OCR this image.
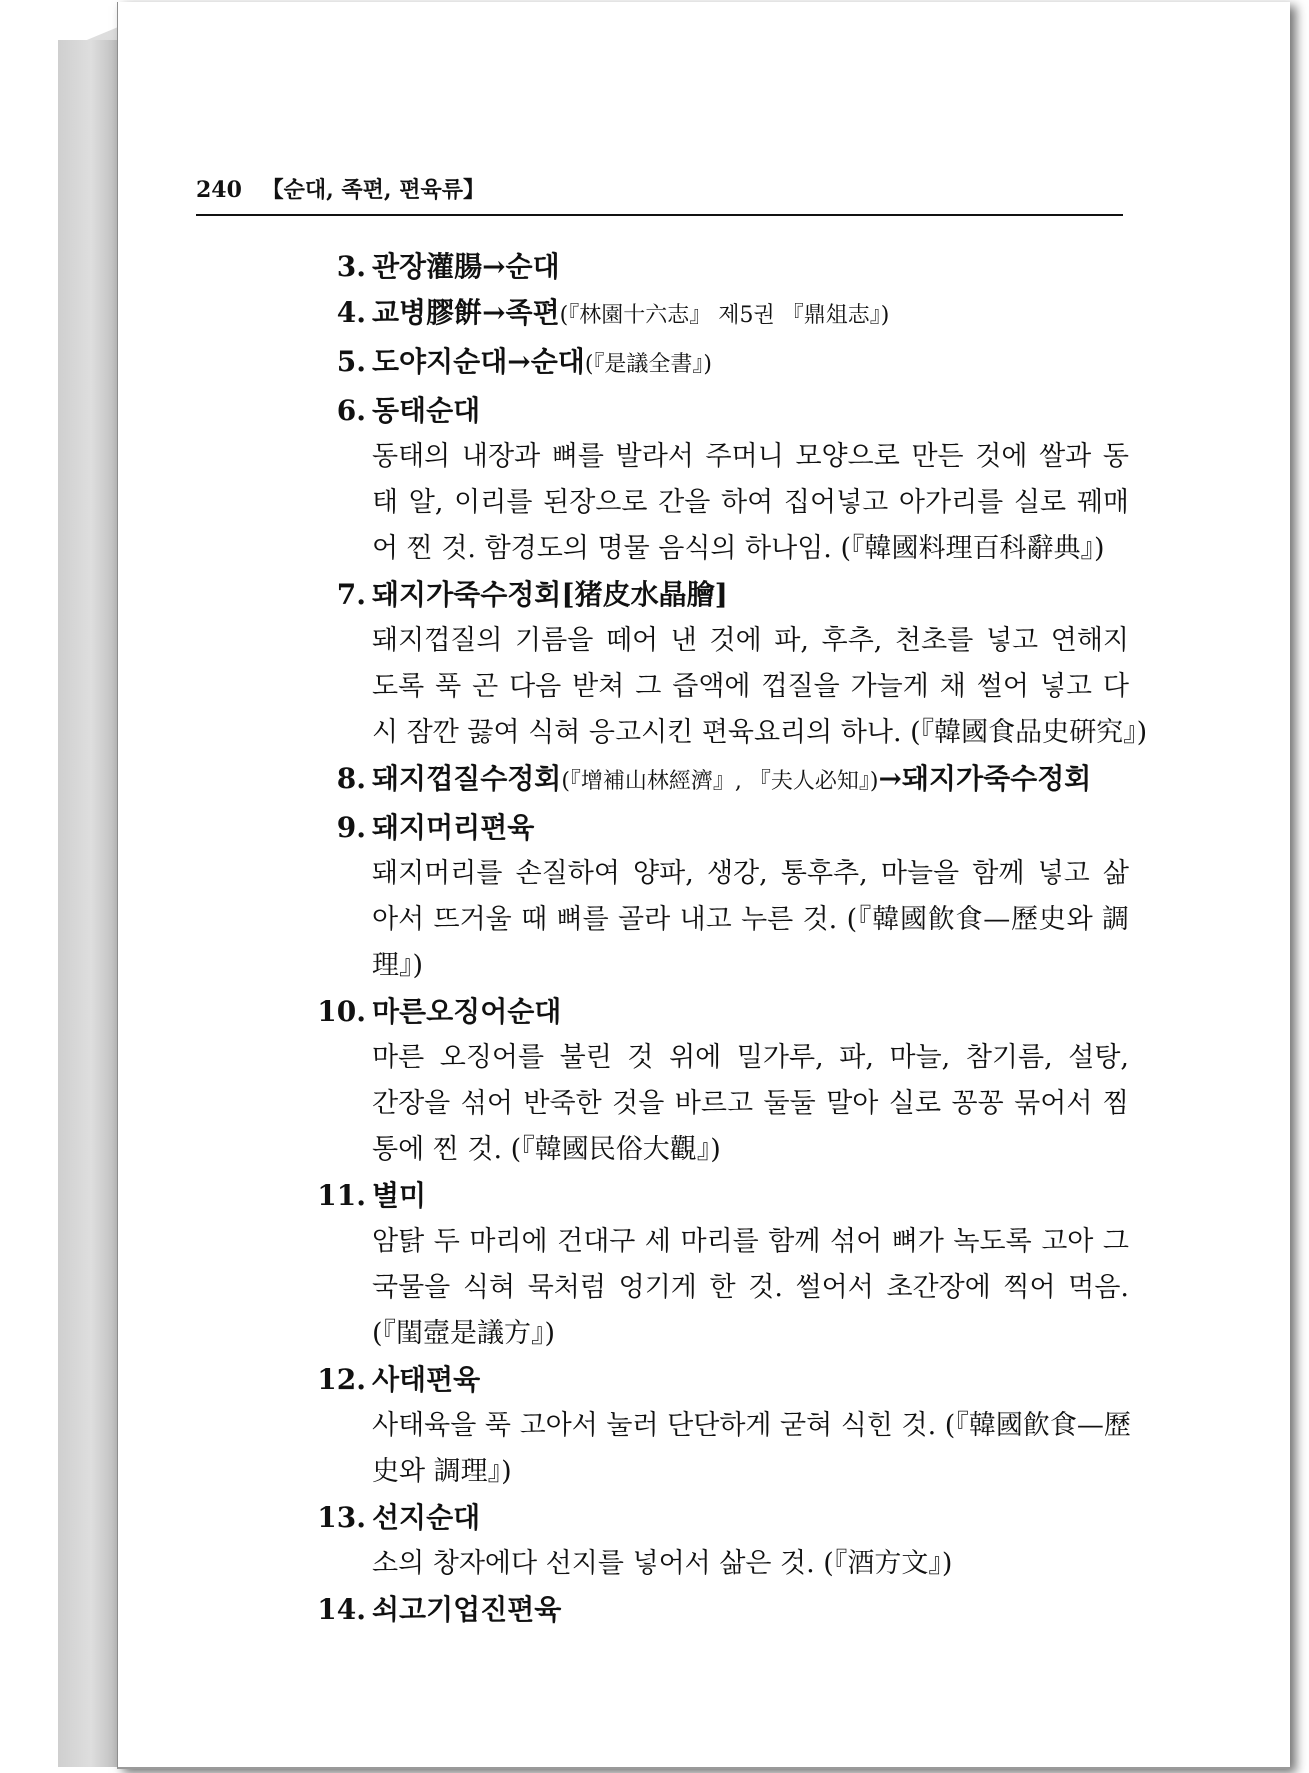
240 【순대, 족편, 편육류】
3. 관장灌腸→순대
4. 교병膠餠→족편(『林園十六志』 제5권 『鼎俎志』)
5. 도야지순대→순대(『是議全書』)
6. 동태순대
동태의 내장과 뼈를 발라서 주머니 모양으로 만든 것에 쌀과 동
태 알, 이리를 된장으로 간을 하여 집어넣고 아가리를 실로 꿰매
어 찐 것. 함경도의 명물 음식의 하나임. (『韓國料理百科辭典』)
7. 돼지가죽수정회[猪皮水晶膾]
돼지껍질의 기름을 떼어 낸 것에 파, 후추, 천초를 넣고 연해지
도록 푹 곤 다음 받쳐 그 즙액에 껍질을 가늘게 채 썰어 넣고 다
시 잠깐 끓여 식혀 응고시킨 편육요리의 하나. (『韓國食品史硏究』)
8. 돼지껍질수정회(『增補山林經濟』, 『夫人必知』)→돼지가죽수정회
9. 돼지머리편육
돼지머리를 손질하여 양파, 생강, 통후추, 마늘을 함께 넣고 삶
아서 뜨거울 때 뼈를 골라 내고 누른 것. (『韓國飮食—歷史와 調
理』)
10. 마른오징어순대
마른 오징어를 불린 것 위에 밀가루, 파, 마늘, 참기름, 설탕,
간장을 섞어 반죽한 것을 바르고 둘둘 말아 실로 꽁꽁 묶어서 찜
통에 찐 것. (『韓國民俗大觀』)
11. 별미
암탉 두 마리에 건대구 세 마리를 함께 섞어 뼈가 녹도록 고아 그
국물을 식혀 묵처럼 엉기게 한 것. 썰어서 초간장에 찍어 먹음.
(『閨壼是議方』)
12. 사태편육
사태육을 푹 고아서 눌러 단단하게 굳혀 식힌 것. (『韓國飮食—歷
史와 調理』)
13. 선지순대
소의 창자에다 선지를 넣어서 삶은 것. (『酒方文』)
14. 쇠고기업진편육
